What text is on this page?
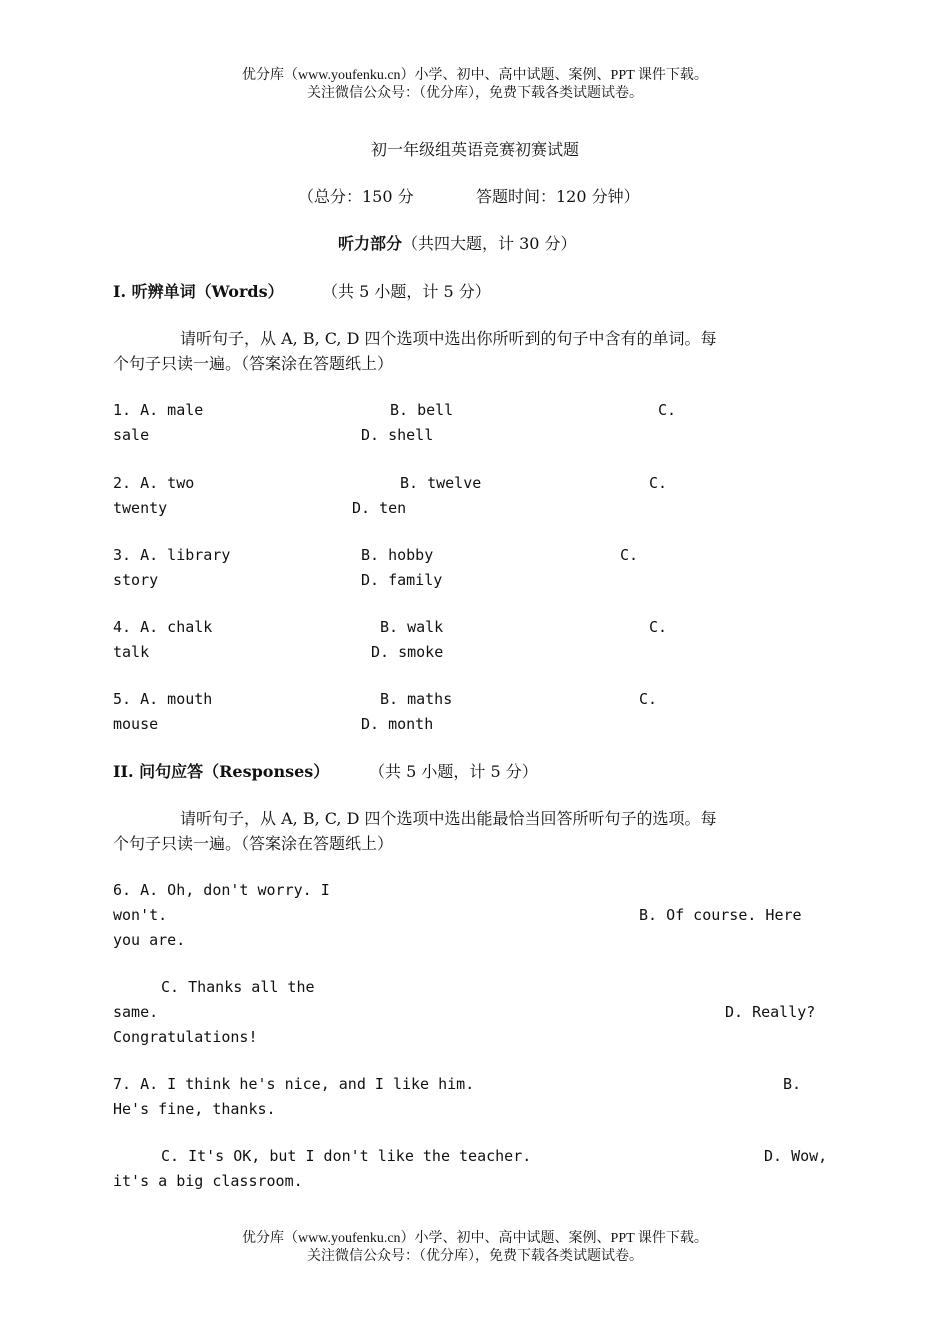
优分库（www.youfenku.cn）小学、初中、高中试题、案例、PPT 课件下载。
关注微信公众号：（优分库），免费下载各类试题试卷。
初一年级组英语竞赛初赛试题
（总分：150 分	答题时间：120 分钟）
听力部分（共四大题，计 30 分）
I. 听辨单词（Words） （共 5 小题，计 5 分）
请听句子，从 A, B, C, D 四个选项中选出你所听到的句子中含有的单词。每
个句子只读一遍。（答案涂在答题纸上）
1. A. male	B. bell	C.
sale	D. shell
2. A. two	B. twelve	C.
twenty	D. ten
3. A. library	B. hobby	C.
story	D. family
4. A. chalk	B. walk	C.
talk	D. smoke
5. A. mouth	B. maths	C.
mouse	D. month
II. 问句应答（Responses） （共 5 小题，计 5 分）
请听句子，从 A, B, C, D 四个选项中选出能最恰当回答所听句子的选项。每
个句子只读一遍。（答案涂在答题纸上）
6. A. Oh, don't worry. I
won't.	B. Of course. Here
you are.
C. Thanks all the
same.	D. Really?
Congratulations!
7. A. I think he's nice, and I like him.	B.
He's fine, thanks.
C. It's OK, but I don't like the teacher.	D. Wow,
it's a big classroom.
优分库（www.youfenku.cn）小学、初中、高中试题、案例、PPT 课件下载。
关注微信公众号：（优分库），免费下载各类试题试卷。
